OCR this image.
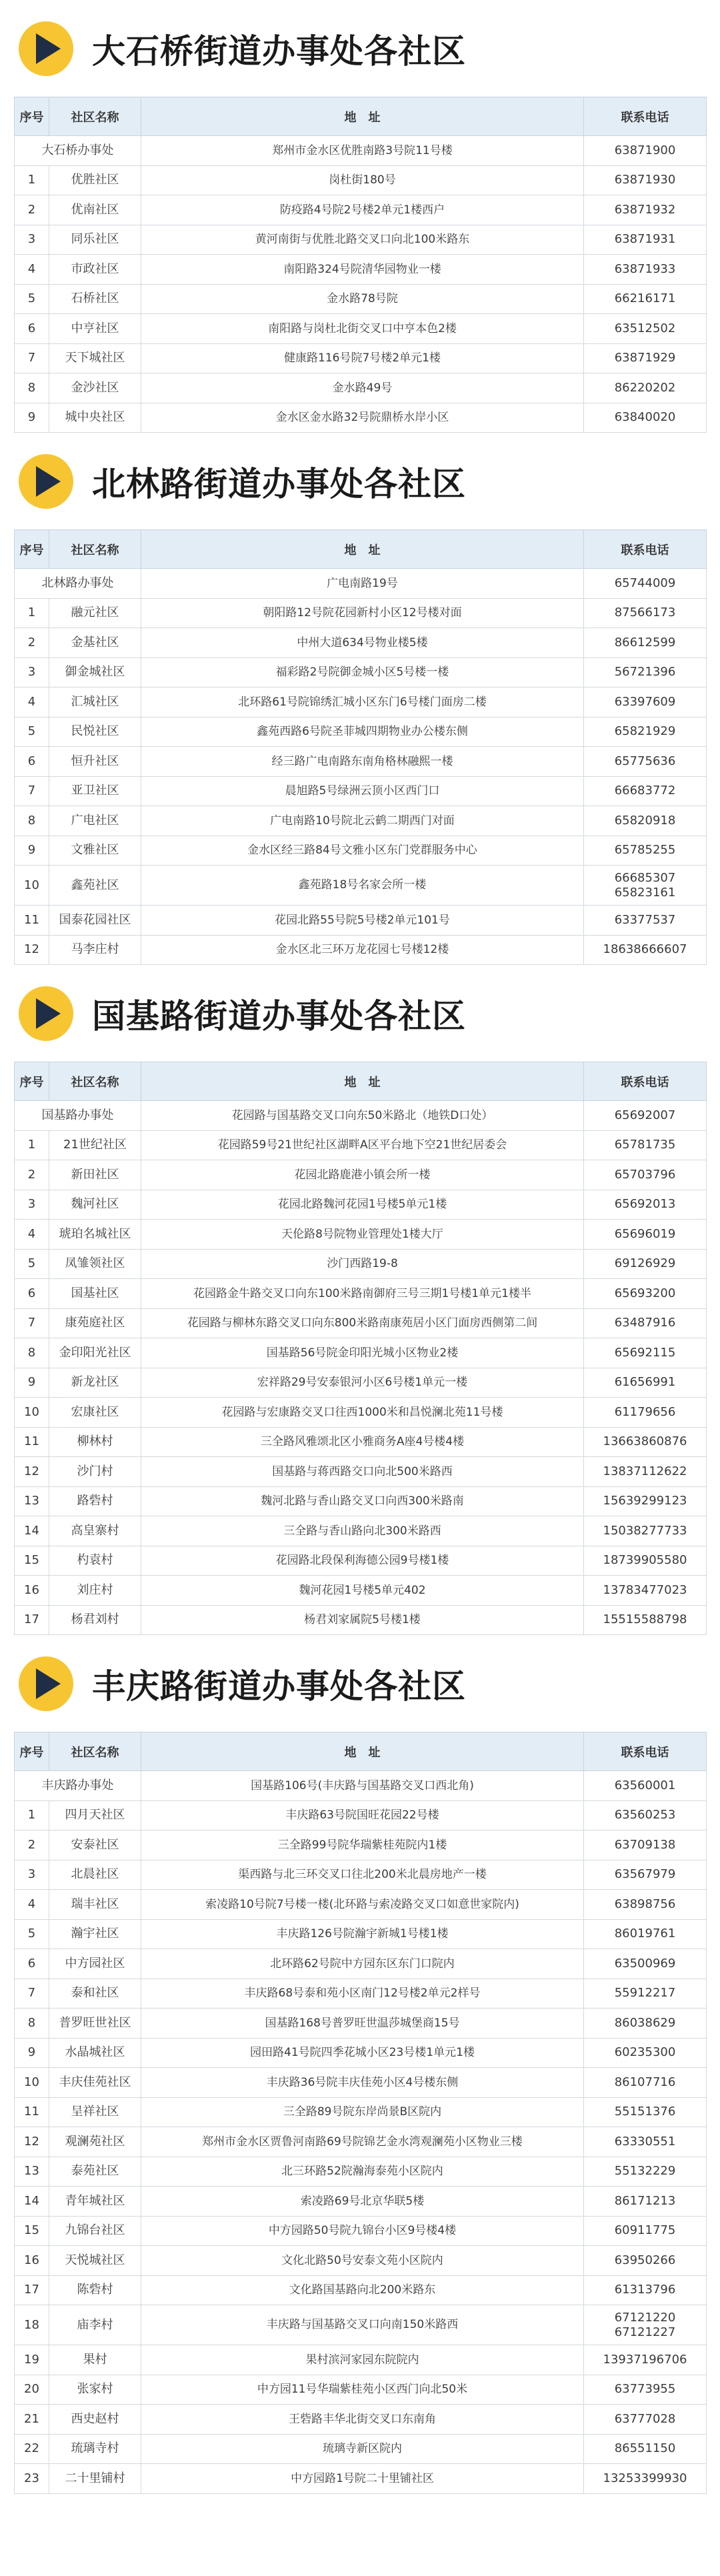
大石桥街道办事处各社区
序号	社区名称	地　址	联系电话
大石桥办事处		郑州市金水区优胜南路3号院11号楼	63871900
1	优胜社区	岗杜街180号	63871930
2	优南社区	防疫路4号院2号楼2单元1楼西户	63871932
3	同乐社区	黄河南街与优胜北路交叉口向北100米路东	63871931
4	市政社区	南阳路324号院清华园物业一楼	63871933
5	石桥社区	金水路78号院	66216171
6	中亨社区	南阳路与岗杜北街交叉口中亨本色2楼	63512502
7	天下城社区	健康路116号院7号楼2单元1楼	63871929
8	金沙社区	金水路49号	86220202
9	城中央社区	金水区金水路32号院鼎桥水岸小区	63840020
北林路街道办事处各社区
序号	社区名称	地　址	联系电话
北林路办事处		广电南路19号	65744009
1	融元社区	朝阳路12号院花园新村小区12号楼对面	87566173
2	金基社区	中州大道634号物业楼5楼	86612599
3	御金城社区	福彩路2号院御金城小区5号楼一楼	56721396
4	汇城社区	北环路61号院锦绣汇城小区东门6号楼门面房二楼	63397609
5	民悦社区	鑫苑西路6号院圣菲城四期物业办公楼东侧	65821929
6	恒升社区	经三路广电南路东南角格林融熙一楼	65775636
7	亚卫社区	晨旭路5号绿洲云顶小区西门口	66683772
8	广电社区	广电南路10号院北云鹤二期西门对面	65820918
9	文雅社区	金水区经三路84号文雅小区东门党群服务中心	65785255
10	鑫苑社区	鑫苑路18号名家会所一楼	66685307
65823161

11	国泰花园社区	花园北路55号院5号楼2单元101号	63377537
12	马李庄村	金水区北三环万龙花园七号楼12楼	18638666607
国基路街道办事处各社区
序号	社区名称	地　址	联系电话
国基路办事处		花园路与国基路交叉口向东50米路北（地铁D口处）	65692007
1	21世纪社区	花园路59号21世纪社区湖畔A区平台地下空21世纪居委会	65781735
2	新田社区	花园北路鹿港小镇会所一楼	65703796
3	魏河社区	花园北路魏河花园1号楼5单元1楼	65692013
4	琥珀名城社区	天伦路8号院物业管理处1楼大厅	65696019
5	凤雏领社区	沙门西路19-8	69126929
6	国基社区	花园路金牛路交叉口向东100米路南御府三号三期1号楼1单元1楼半	65693200
7	康苑庭社区	花园路与柳林东路交叉口向东800米路南康苑居小区门面房西侧第二间	63487916
8	金印阳光社区	国基路56号院金印阳光城小区物业2楼	65692115
9	新龙社区	宏祥路29号安泰银河小区6号楼1单元一楼	61656991
10	宏康社区	花园路与宏康路交叉口往西1000米和昌悦澜北苑11号楼	61179656
11	柳林村	三全路风雅颂北区小雅商务A座4号楼4楼	13663860876
12	沙门村	国基路与蒋西路交口向北500米路西	13837112622
13	路砦村	魏河北路与香山路交叉口向西300米路南	15639299123
14	高皇寨村	三全路与香山路向北300米路西	15038277733
15	杓袁村	花园路北段保利海德公园9号楼1楼	18739905580
16	刘庄村	魏河花园1号楼5单元402	13783477023
17	杨君刘村	杨君刘家属院5号楼1楼	15515588798
丰庆路街道办事处各社区
序号	社区名称	地　址	联系电话
丰庆路办事处		国基路106号(丰庆路与国基路交叉口西北角)	63560001
1	四月天社区	丰庆路63号院国旺花园22号楼	63560253
2	安泰社区	三全路99号院华瑞紫桂苑院内1楼	63709138
3	北晨社区	渠西路与北三环交叉口往北200米北晨房地产一楼	63567979
4	瑞丰社区	索凌路10号院7号楼一楼(北环路与索凌路交叉口如意世家院内)	63898756
5	瀚宇社区	丰庆路126号院瀚宇新城1号楼1楼	86019761
6	中方园社区	北环路62号院中方园东区东门口院内	63500969
7	泰和社区	丰庆路68号泰和苑小区南门12号楼2单元2样号	55912217
8	普罗旺世社区	国基路168号普罗旺世温莎城堡商15号	86038629
9	水晶城社区	园田路41号院四季花城小区23号楼1单元1楼	60235300
10	丰庆佳苑社区	丰庆路36号院丰庆佳苑小区4号楼东侧	86107716
11	呈祥社区	三全路89号院东岸尚景B区院内	55151376
12	观澜苑社区	郑州市金水区贾鲁河南路69号院锦艺金水湾观澜苑小区物业三楼	63330551
13	泰苑社区	北三环路52院瀚海泰苑小区院内	55132229
14	青年城社区	索凌路69号北京华联5楼	86171213
15	九锦台社区	中方园路50号院九锦台小区9号楼4楼	60911775
16	天悦城社区	文化北路50号安泰文苑小区院内	63950266
17	陈砦村	文化路国基路向北200米路东	61313796
18	庙李村	丰庆路与国基路交叉口向南150米路西	67121220
67121227

19	果村	果村滨河家园东院院内	13937196706
20	张家村	中方园11号华瑞紫桂苑小区西门向北50米	63773955
21	西史赵村	王砦路丰华北街交叉口东南角	63777028
22	琉璃寺村	琉璃寺新区院内	86551150
23	二十里铺村	中方园路1号院二十里铺社区	13253399930
